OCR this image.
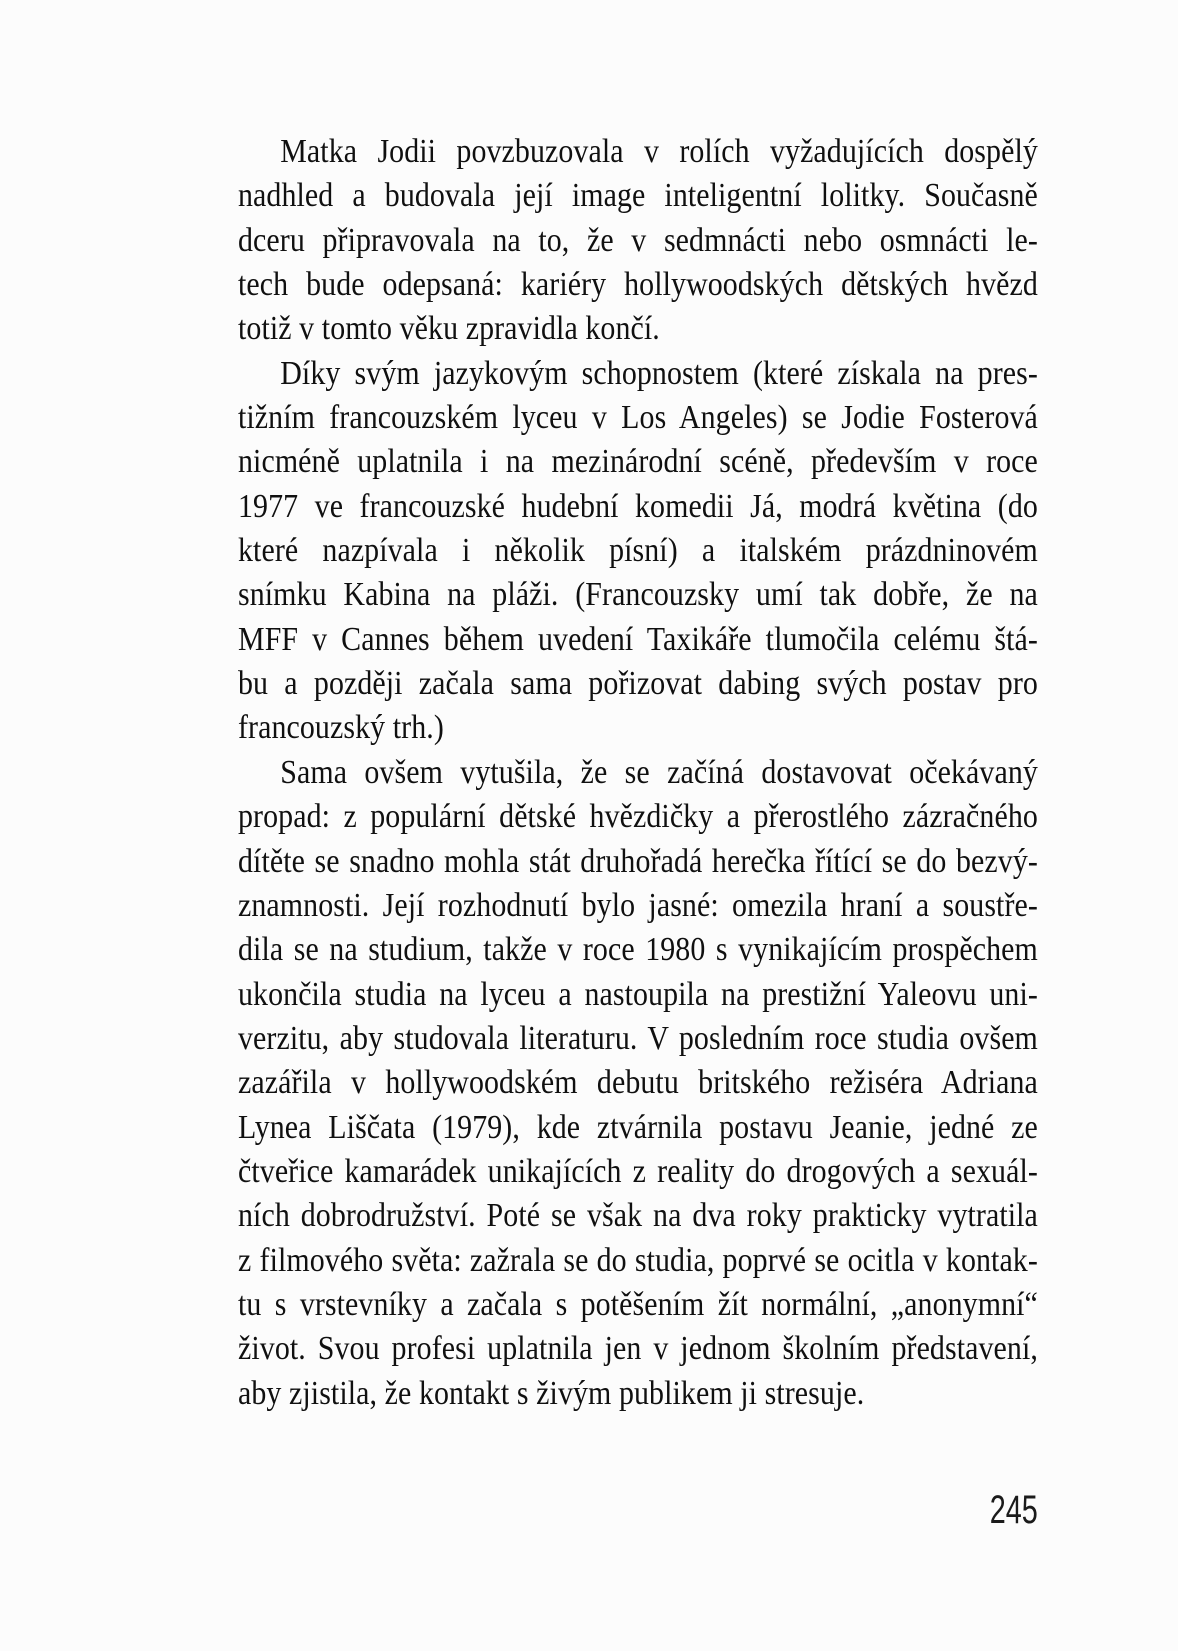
Matka Jodii povzbuzovala v rolích vyžadujících dospělý
nadhled a budovala její image inteligentní lolitky. Současně
dceru připravovala na to, že v sedmnácti nebo osmnácti le-
tech bude odepsaná: kariéry hollywoodských dětských hvězd
totiž v tomto věku zpravidla končí.
Díky svým jazykovým schopnostem (které získala na pres-
tižním francouzském lyceu v Los Angeles) se Jodie Fosterová
nicméně uplatnila i na mezinárodní scéně, především v roce
1977 ve francouzské hudební komedii Já, modrá květina (do
které nazpívala i několik písní) a italském prázdninovém
snímku Kabina na pláži. (Francouzsky umí tak dobře, že na
MFF v Cannes během uvedení Taxikáře tlumočila celému štá-
bu a později začala sama pořizovat dabing svých postav pro
francouzský trh.)
Sama ovšem vytušila, že se začíná dostavovat očekávaný
propad: z populární dětské hvězdičky a přerostlého zázračného
dítěte se snadno mohla stát druhořadá herečka řítící se do bezvý-
znamnosti. Její rozhodnutí bylo jasné: omezila hraní a soustře-
dila se na studium, takže v roce 1980 s vynikajícím prospěchem
ukončila studia na lyceu a nastoupila na prestižní Yaleovu uni-
verzitu, aby studovala literaturu. V posledním roce studia ovšem
zazářila v hollywoodském debutu britského režiséra Adriana
Lynea Liščata (1979), kde ztvárnila postavu Jeanie, jedné ze
čtveřice kamarádek unikajících z reality do drogových a sexuál-
ních dobrodružství. Poté se však na dva roky prakticky vytratila
z filmového světa: zažrala se do studia, poprvé se ocitla v kontak-
tu s vrstevníky a začala s potěšením žít normální, „anonymní“
život. Svou profesi uplatnila jen v jednom školním představení,
aby zjistila, že kontakt s živým publikem ji stresuje.
245
